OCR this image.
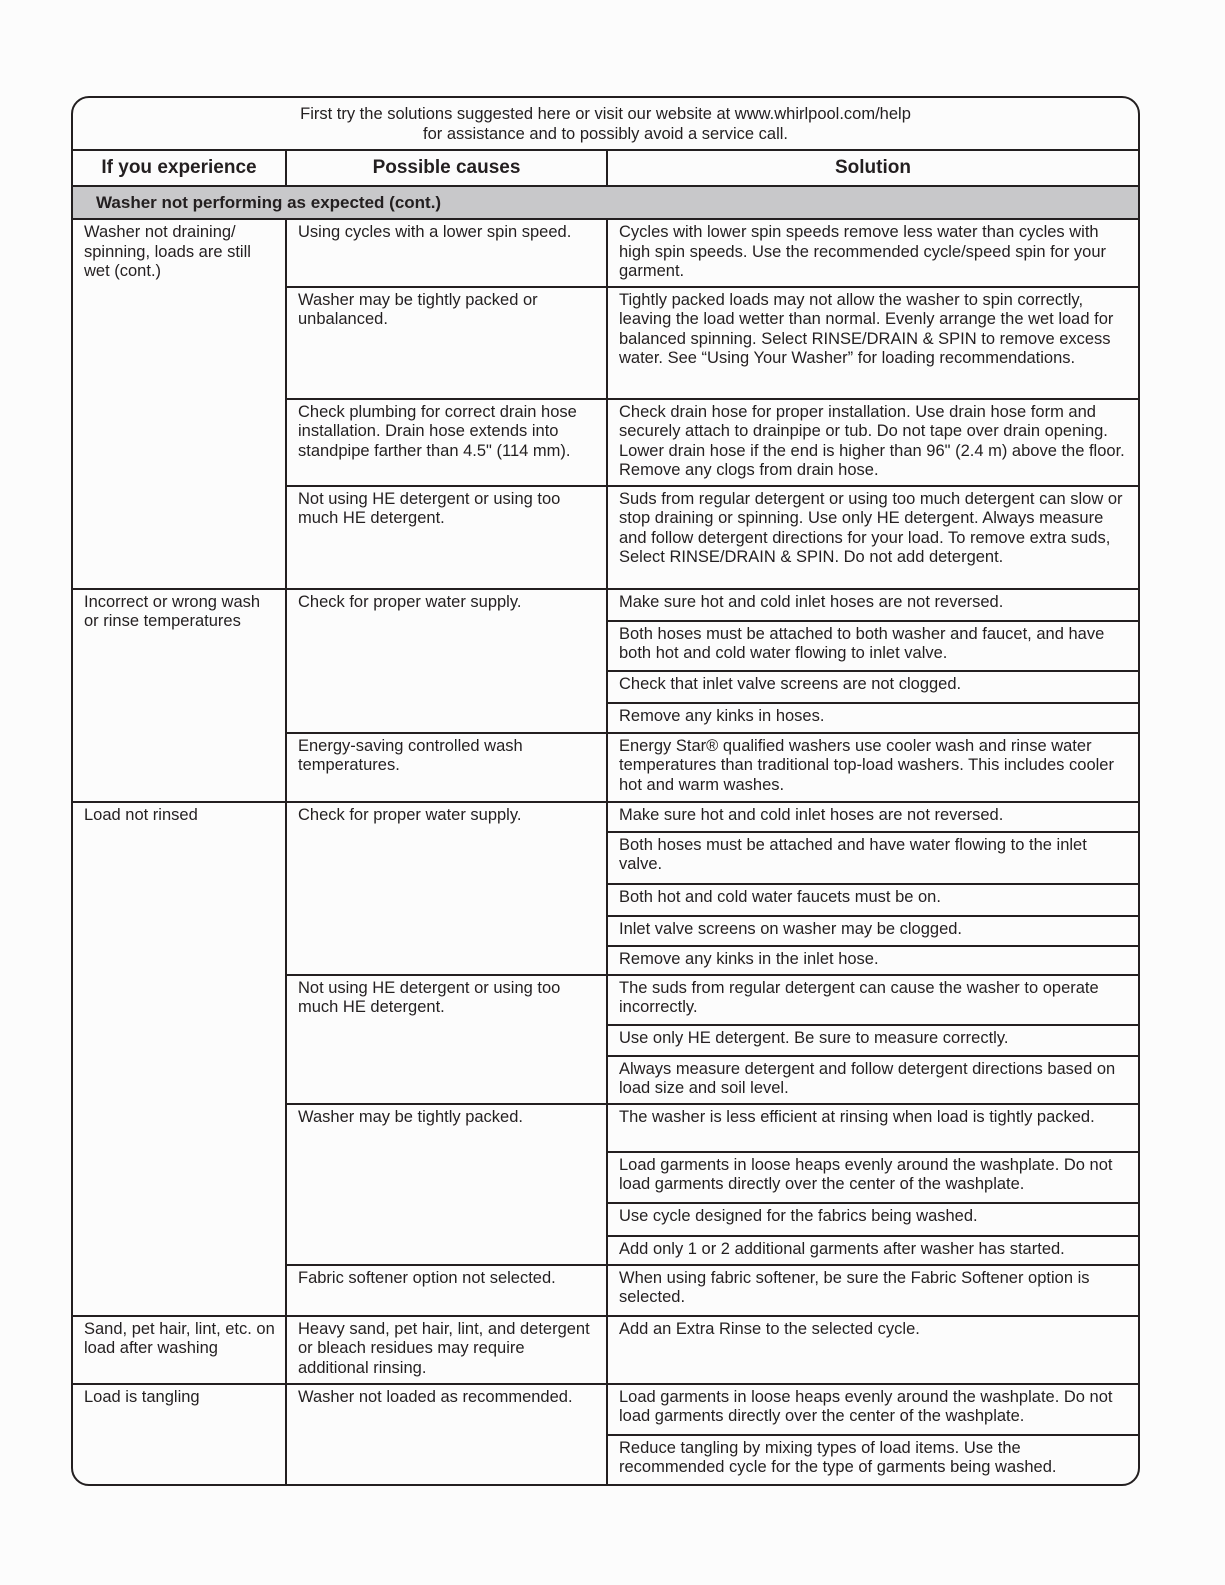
First try the solutions suggested here or visit our website at www.whirlpool.com/help
for assistance and to possibly avoid a service call.
If you experience	Possible causes	Solution
Washer not performing as expected (cont.)		
Washer not draining/ spinning, loads are still wet (cont.)	Using cycles with a lower spin speed.	Cycles with lower spin speeds remove less water than cycles with high spin speeds. Use the recommended cycle/speed spin for your garment.
	Washer may be tightly packed or unbalanced.	Tightly packed loads may not allow the washer to spin correctly, leaving the load wetter than normal. Evenly arrange the wet load for balanced spinning. Select RINSE/DRAIN & SPIN to remove excess water. See “Using Your Washer” for loading recommendations.
	Check plumbing for correct drain hose installation. Drain hose extends into standpipe farther than 4.5" (114 mm).	Check drain hose for proper installation. Use drain hose form and securely attach to drainpipe or tub. Do not tape over drain opening. Lower drain hose if the end is higher than 96" (2.4 m) above the floor. Remove any clogs from drain hose.
	Not using HE detergent or using too much HE detergent.	Suds from regular detergent or using too much detergent can slow or stop draining or spinning. Use only HE detergent. Always measure and follow detergent directions for your load. To remove extra suds, Select RINSE/DRAIN & SPIN. Do not add detergent.
Incorrect or wrong wash or rinse temperatures	Check for proper water supply.	Make sure hot and cold inlet hoses are not reversed.
		Both hoses must be attached to both washer and faucet, and have both hot and cold water flowing to inlet valve.
		Check that inlet valve screens are not clogged.
		Remove any kinks in hoses.
	Energy-saving controlled wash temperatures.	Energy Star® qualified washers use cooler wash and rinse water temperatures than traditional top-load washers. This includes cooler hot and warm washes.
Load not rinsed	Check for proper water supply.	Make sure hot and cold inlet hoses are not reversed.
		Both hoses must be attached and have water flowing to the inlet valve.
		Both hot and cold water faucets must be on.
		Inlet valve screens on washer may be clogged.
		Remove any kinks in the inlet hose.
	Not using HE detergent or using too much HE detergent.	The suds from regular detergent can cause the washer to operate incorrectly.
		Use only HE detergent. Be sure to measure correctly.
		Always measure detergent and follow detergent directions based on load size and soil level.
	Washer may be tightly packed.	The washer is less efficient at rinsing when load is tightly packed.
		Load garments in loose heaps evenly around the washplate. Do not load garments directly over the center of the washplate.
		Use cycle designed for the fabrics being washed.
		Add only 1 or 2 additional garments after washer has started.
	Fabric softener option not selected.	When using fabric softener, be sure the Fabric Softener option is selected.
Sand, pet hair, lint, etc. on load after washing	Heavy sand, pet hair, lint, and detergent or bleach residues may require additional rinsing.	Add an Extra Rinse to the selected cycle.
Load is tangling	Washer not loaded as recommended.	Load garments in loose heaps evenly around the washplate. Do not load garments directly over the center of the washplate.
		Reduce tangling by mixing types of load items. Use the recommended cycle for the type of garments being washed.
